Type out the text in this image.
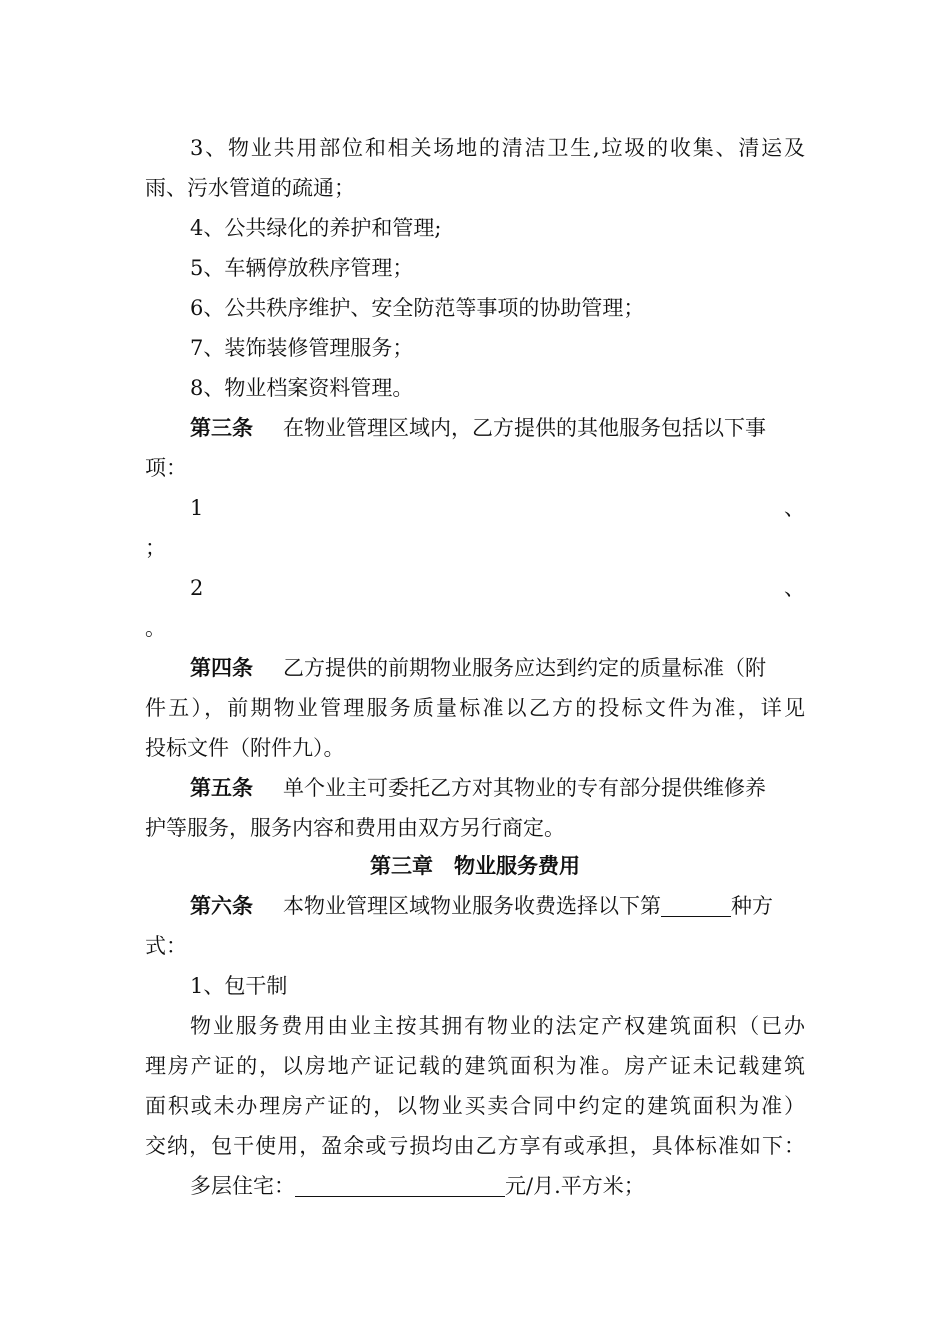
3、物业共用部位和相关场地的清洁卫生,垃圾的收集、清运及
雨、污水管道的疏通；
4、公共绿化的养护和管理;
5、车辆停放秩序管理；
6、公共秩序维护、安全防范等事项的协助管理；
7、装饰装修管理服务；
8、物业档案资料管理。
第三条 在物业管理区域内，乙方提供的其他服务包括以下事
项：
1	、
；
2	、
。
第四条 乙方提供的前期物业服务应达到约定的质量标准（附
件五），前期物业管理服务质量标准以乙方的投标文件为准，详见
投标文件（附件九）。
第五条 单个业主可委托乙方对其物业的专有部分提供维修养
护等服务，服务内容和费用由双方另行商定。
第三章　物业服务费用
第六条 本物业管理区域物业服务收费选择以下第	种方
式：
1、包干制
物业服务费用由业主按其拥有物业的法定产权建筑面积（已办
理房产证的，以房地产证记载的建筑面积为准。房产证未记载建筑
面积或未办理房产证的，以物业买卖合同中约定的建筑面积为准）
交纳，包干使用，盈余或亏损均由乙方享有或承担，具体标准如下：
多层住宅：	元/月.平方米；
